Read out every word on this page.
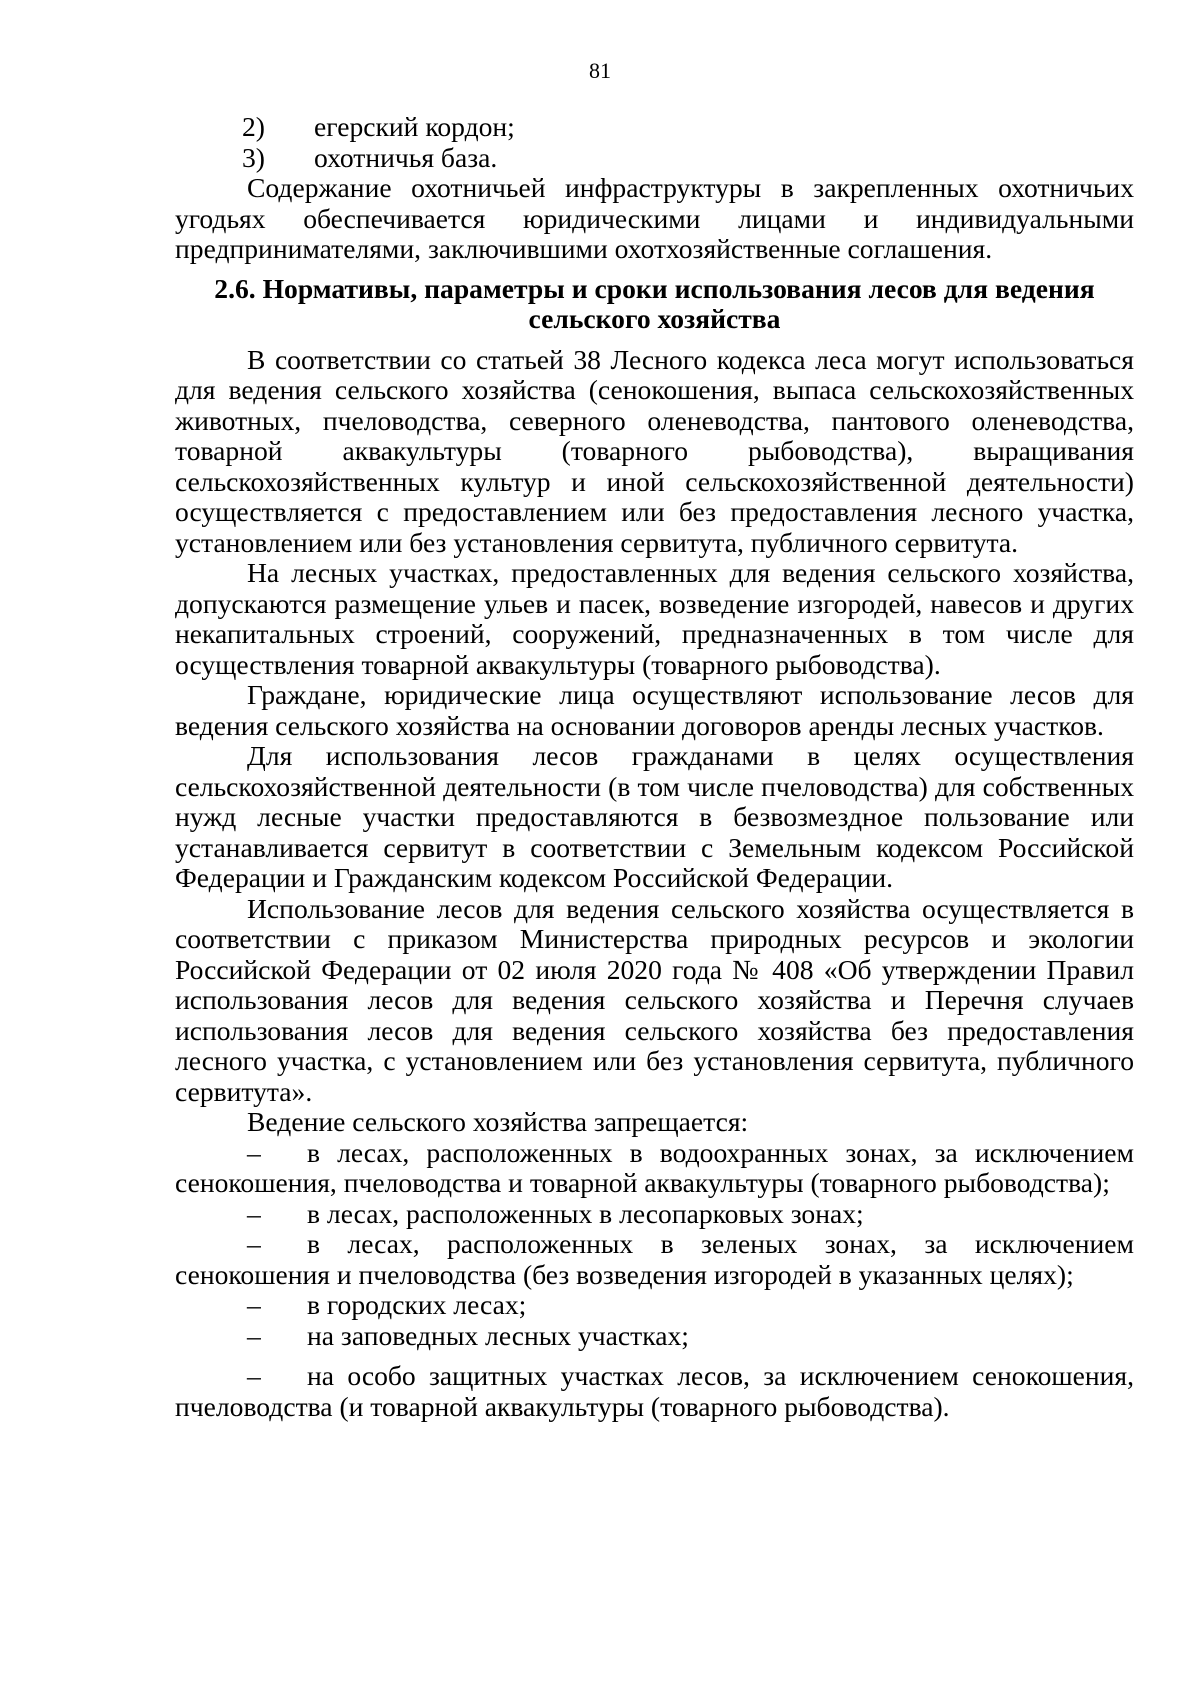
81
2)	егерский кордон;
3)	охотничья база.

Содержание охотничьей инфраструктуры в закрепленных охотничьих угодьях обеспечивается юридическими лицами и индивидуальными предпринимателями, заключившими охотхозяйственные соглашения.

2.6. Нормативы, параметры и сроки использования лесов для ведения
сельского хозяйства

В соответствии со статьей 38 Лесного кодекса леса могут использоваться для ведения сельского хозяйства (сенокошения, выпаса сельскохозяйственных животных, пчеловодства, северного оленеводства, пантового оленеводства, товарной аквакультуры (товарного рыбоводства), выращивания сельскохозяйственных культур и иной сельскохозяйственной деятельности) осуществляется с предоставлением или без предоставления лесного участка, установлением или без установления сервитута, публичного сервитута.

На лесных участках, предоставленных для ведения сельского хозяйства, допускаются размещение ульев и пасек, возведение изгородей, навесов и других некапитальных строений, сооружений, предназначенных в том числе для осуществления товарной аквакультуры (товарного рыбоводства).

Граждане, юридические лица осуществляют использование лесов для ведения сельского хозяйства на основании договоров аренды лесных участков.

Для использования лесов гражданами в целях осуществления сельскохозяйственной деятельности (в том числе пчеловодства) для собственных нужд лесные участки предоставляются в безвозмездное пользование или устанавливается сервитут в соответствии с Земельным кодексом Российской Федерации и Гражданским кодексом Российской Федерации.

Использование лесов для ведения сельского хозяйства осуществляется в соответствии с приказом Министерства природных ресурсов и экологии Российской Федерации от 02 июля 2020 года № 408 «Об утверждении Правил использования лесов для ведения сельского хозяйства и Перечня случаев использования лесов для ведения сельского хозяйства без предоставления лесного участка, с установлением или без установления сервитута, публичного сервитута».

Ведение сельского хозяйства запрещается:

– в лесах, расположенных в водоохранных зонах, за исключением сенокошения, пчеловодства и товарной аквакультуры (товарного рыбоводства);

– в лесах, расположенных в лесопарковых зонах;

– в лесах, расположенных в зеленых зонах, за исключением сенокошения и пчеловодства (без возведения изгородей в указанных целях);

– в городских лесах;

– на заповедных лесных участках;

– на особо защитных участках лесов, за исключением сенокошения, пчеловодства (и товарной аквакультуры (товарного рыбоводства).
